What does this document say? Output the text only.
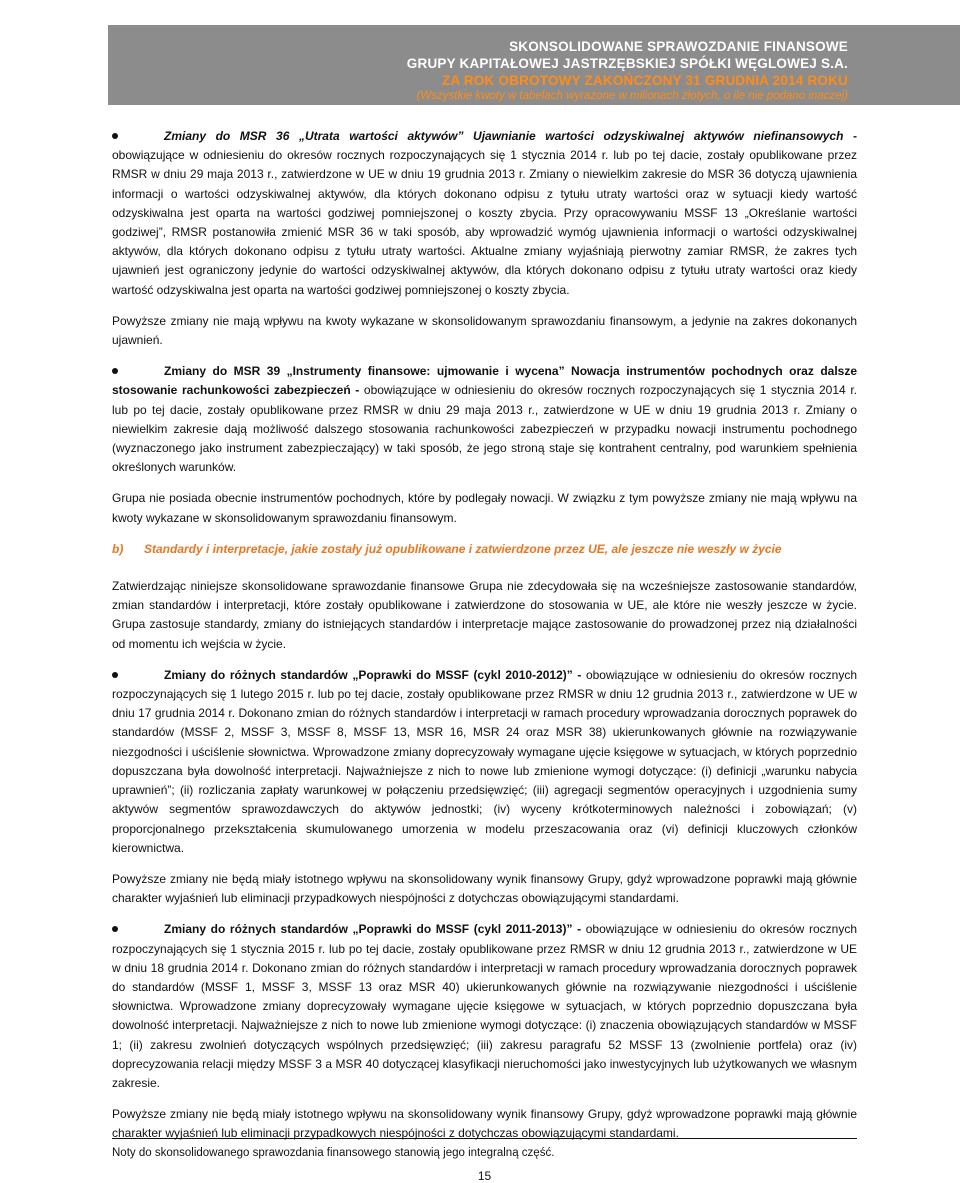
SKONSOLIDOWANE SPRAWOZDANIE FINANSOWE
GRUPY KAPITAŁOWEJ JASTRZĘBSKIEJ SPÓŁKI WĘGLOWEJ S.A.
ZA ROK OBROTOWY ZAKOŃCZONY 31 GRUDNIA 2014 ROKU
(Wszystkie kwoty w tabelach wyrażone w milionach złotych, o ile nie podano inaczej)
Zmiany do MSR 36 „Utrata wartości aktywów” Ujawnianie wartości odzyskiwalnej aktywów niefinansowych - obowiązujące w odniesieniu do okresów rocznych rozpoczynających się 1 stycznia 2014 r. lub po tej dacie, zostały opublikowane przez RMSR w dniu 29 maja 2013 r., zatwierdzone w UE w dniu 19 grudnia 2013 r. Zmiany o niewielkim zakresie do MSR 36 dotyczą ujawnienia informacji o wartości odzyskiwalnej aktywów, dla których dokonano odpisu z tytułu utraty wartości oraz w sytuacji kiedy wartość odzyskiwalna jest oparta na wartości godziwej pomniejszonej o koszty zbycia. Przy opracowywaniu MSSF 13 „Określanie wartości godziwej”, RMSR postanowiła zmienić MSR 36 w taki sposób, aby wprowadzić wymóg ujawnienia informacji o wartości odzyskiwalnej aktywów, dla których dokonano odpisu z tytułu utraty wartości. Aktualne zmiany wyjaśniają pierwotny zamiar RMSR, że zakres tych ujawnień jest ograniczony jedynie do wartości odzyskiwalnej aktywów, dla których dokonano odpisu z tytułu utraty wartości oraz kiedy wartość odzyskiwalna jest oparta na wartości godziwej pomniejszonej o koszty zbycia.

Powyższe zmiany nie mają wpływu na kwoty wykazane w skonsolidowanym sprawozdaniu finansowym, a jedynie na zakres dokonanych ujawnień.

Zmiany do MSR 39 „Instrumenty finansowe: ujmowanie i wycena” Nowacja instrumentów pochodnych oraz dalsze stosowanie rachunkowości zabezpieczeń - obowiązujące w odniesieniu do okresów rocznych rozpoczynających się 1 stycznia 2014 r. lub po tej dacie, zostały opublikowane przez RMSR w dniu 29 maja 2013 r., zatwierdzone w UE w dniu 19 grudnia 2013 r. Zmiany o niewielkim zakresie dają możliwość dalszego stosowania rachunkowości zabezpieczeń w przypadku nowacji instrumentu pochodnego (wyznaczonego jako instrument zabezpieczający) w taki sposób, że jego stroną staje się kontrahent centralny, pod warunkiem spełnienia określonych warunków.

Grupa nie posiada obecnie instrumentów pochodnych, które by podlegały nowacji. W związku z tym powyższe zmiany nie mają wpływu na kwoty wykazane w skonsolidowanym sprawozdaniu finansowym.

b) Standardy i interpretacje, jakie zostały już opublikowane i zatwierdzone przez UE, ale jeszcze nie weszły w życie

Zatwierdzając niniejsze skonsolidowane sprawozdanie finansowe Grupa nie zdecydowała się na wcześniejsze zastosowanie standardów, zmian standardów i interpretacji, które zostały opublikowane i zatwierdzone do stosowania w UE, ale które nie weszły jeszcze w życie. Grupa zastosuje standardy, zmiany do istniejących standardów i interpretacje mające zastosowanie do prowadzonej przez nią działalności od momentu ich wejścia w życie.

Zmiany do różnych standardów „Poprawki do MSSF (cykl 2010-2012)” - obowiązujące w odniesieniu do okresów rocznych rozpoczynających się 1 lutego 2015 r. lub po tej dacie, zostały opublikowane przez RMSR w dniu 12 grudnia 2013 r., zatwierdzone w UE w dniu 17 grudnia 2014 r. Dokonano zmian do różnych standardów i interpretacji w ramach procedury wprowadzania dorocznych poprawek do standardów (MSSF 2, MSSF 3, MSSF 8, MSSF 13, MSR 16, MSR 24 oraz MSR 38) ukierunkowanych głównie na rozwiązywanie niezgodności i uściślenie słownictwa. Wprowadzone zmiany doprecyzowały wymagane ujęcie księgowe w sytuacjach, w których poprzednio dopuszczana była dowolność interpretacji. Najważniejsze z nich to nowe lub zmienione wymogi dotyczące: (i) definicji „warunku nabycia uprawnień”; (ii) rozliczania zapłaty warunkowej w połączeniu przedsięwzięć; (iii) agregacji segmentów operacyjnych i uzgodnienia sumy aktywów segmentów sprawozdawczych do aktywów jednostki; (iv) wyceny krótkoterminowych należności i zobowiązań; (v) proporcjonalnego przekształcenia skumulowanego umorzenia w modelu przeszacowania oraz (vi) definicji kluczowych członków kierownictwa.

Powyższe zmiany nie będą miały istotnego wpływu na skonsolidowany wynik finansowy Grupy, gdyż wprowadzone poprawki mają głównie charakter wyjaśnień lub eliminacji przypadkowych niespójności z dotychczas obowiązującymi standardami.

Zmiany do różnych standardów „Poprawki do MSSF (cykl 2011-2013)” - obowiązujące w odniesieniu do okresów rocznych rozpoczynających się 1 stycznia 2015 r. lub po tej dacie, zostały opublikowane przez RMSR w dniu 12 grudnia 2013 r., zatwierdzone w UE w dniu 18 grudnia 2014 r. Dokonano zmian do różnych standardów i interpretacji w ramach procedury wprowadzania dorocznych poprawek do standardów (MSSF 1, MSSF 3, MSSF 13 oraz MSR 40) ukierunkowanych głównie na rozwiązywanie niezgodności i uściślenie słownictwa. Wprowadzone zmiany doprecyzowały wymagane ujęcie księgowe w sytuacjach, w których poprzednio dopuszczana była dowolność interpretacji. Najważniejsze z nich to nowe lub zmienione wymogi dotyczące: (i) znaczenia obowiązujących standardów w MSSF 1; (ii) zakresu zwolnień dotyczących wspólnych przedsięwzięć; (iii) zakresu paragrafu 52 MSSF 13 (zwolnienie portfela) oraz (iv) doprecyzowania relacji między MSSF 3 a MSR 40 dotyczącej klasyfikacji nieruchomości jako inwestycyjnych lub użytkowanych we własnym zakresie.

Powyższe zmiany nie będą miały istotnego wpływu na skonsolidowany wynik finansowy Grupy, gdyż wprowadzone poprawki mają głównie charakter wyjaśnień lub eliminacji przypadkowych niespójności z dotychczas obowiązującymi standardami.

Noty do skonsolidowanego sprawozdania finansowego stanowią jego integralną część.
15
